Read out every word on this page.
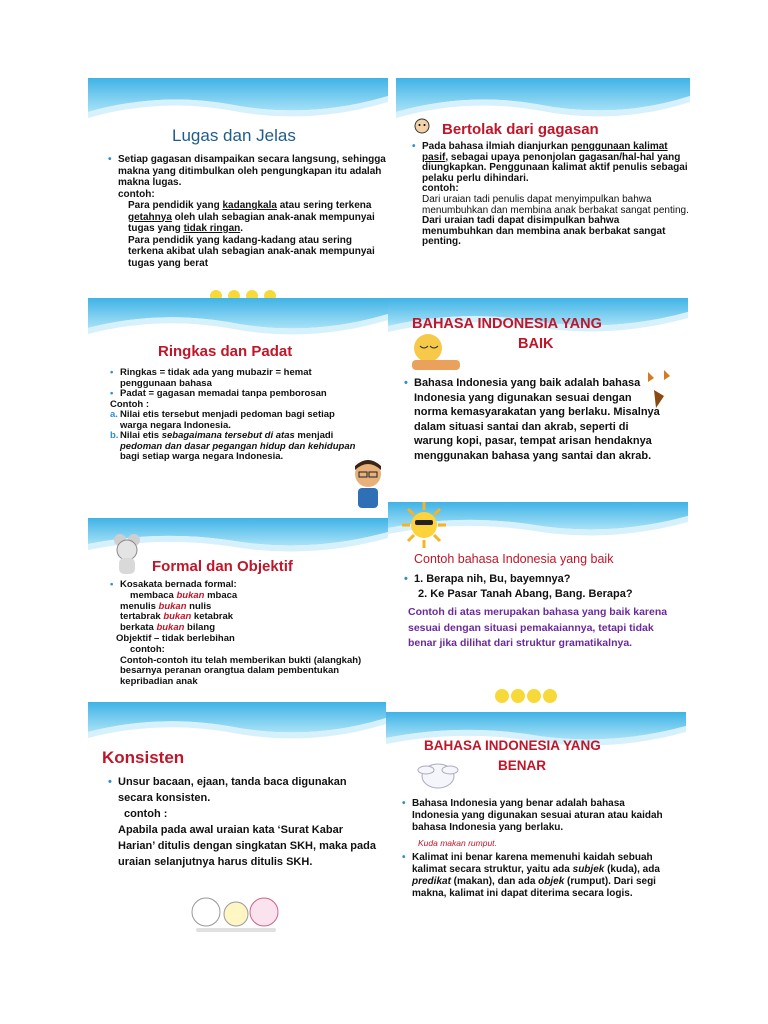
Lugas dan Jelas

• Setiap gagasan disampaikan secara langsung, sehingga makna yang ditimbulkan oleh pengungkapan itu adalah makna lugas.

contoh:

Para pendidik yang kadangkala atau sering terkena getahnya oleh ulah sebagian anak-anak mempunyai tugas yang tidak ringan.

Para pendidik yang kadang-kadang atau sering terkena akibat ulah sebagian anak-anak mempunyai tugas yang berat

Bertolak dari gagasan

• Pada bahasa ilmiah dianjurkan penggunaan kalimat pasif, sebagai upaya penonjolan gagasan/hal-hal yang diungkapkan. Penggunaan kalimat aktif penulis sebagai pelaku perlu dihindari.

contoh:

Dari uraian tadi penulis dapat menyimpulkan bahwa menumbuhkan dan membina anak berbakat sangat penting.

Dari uraian tadi dapat disimpulkan bahwa menumbuhkan dan membina anak berbakat sangat penting.

Ringkas dan Padat

• Ringkas = tidak ada yang mubazir = hemat penggunaan bahasa

• Padat = gagasan memadai tanpa pemborosan

Contoh :

a. Nilai etis tersebut menjadi pedoman bagi setiap warga negara Indonesia.

b. Nilai etis sebagaimana tersebut di atas menjadi pedoman dan dasar pegangan hidup dan kehidupan bagi setiap warga negara Indonesia.

BAHASA INDONESIA YANG
BAIK

• Bahasa Indonesia yang baik adalah bahasa Indonesia yang digunakan sesuai dengan norma kemasyarakatan yang berlaku. Misalnya dalam situasi santai dan akrab, seperti di warung kopi, pasar, tempat arisan hendaknya menggunakan bahasa yang santai dan akrab.

Formal dan Objektif

• Kosakata bernada formal:

membaca bukan mbaca

menulis bukan nulis

tertabrak bukan ketabrak

berkata bukan bilang

Objektif – tidak berlebihan

contoh:

Contoh-contoh itu telah memberikan bukti (alangkah) besarnya peranan orangtua dalam pembentukan kepribadian anak

Contoh bahasa Indonesia yang baik

• 1. Berapa nih, Bu, bayemnya?

2. Ke Pasar Tanah Abang, Bang. Berapa?

Contoh di atas merupakan bahasa yang baik karena sesuai dengan situasi pemakaiannya, tetapi tidak benar jika dilihat dari struktur gramatikalnya.

Konsisten

• Unsur bacaan, ejaan, tanda baca digunakan secara konsisten.

contoh :

Apabila pada awal uraian kata ‘Surat Kabar Harian’ ditulis dengan singkatan SKH, maka pada uraian selanjutnya harus ditulis SKH.

BAHASA INDONESIA YANG
BENAR

• Bahasa Indonesia yang benar adalah bahasa Indonesia yang digunakan sesuai aturan atau kaidah bahasa Indonesia yang berlaku.

Kuda makan rumput.

• Kalimat ini benar karena memenuhi kaidah sebuah kalimat secara struktur, yaitu ada subjek (kuda), ada predikat (makan), dan ada objek (rumput). Dari segi makna, kalimat ini dapat diterima secara logis.
